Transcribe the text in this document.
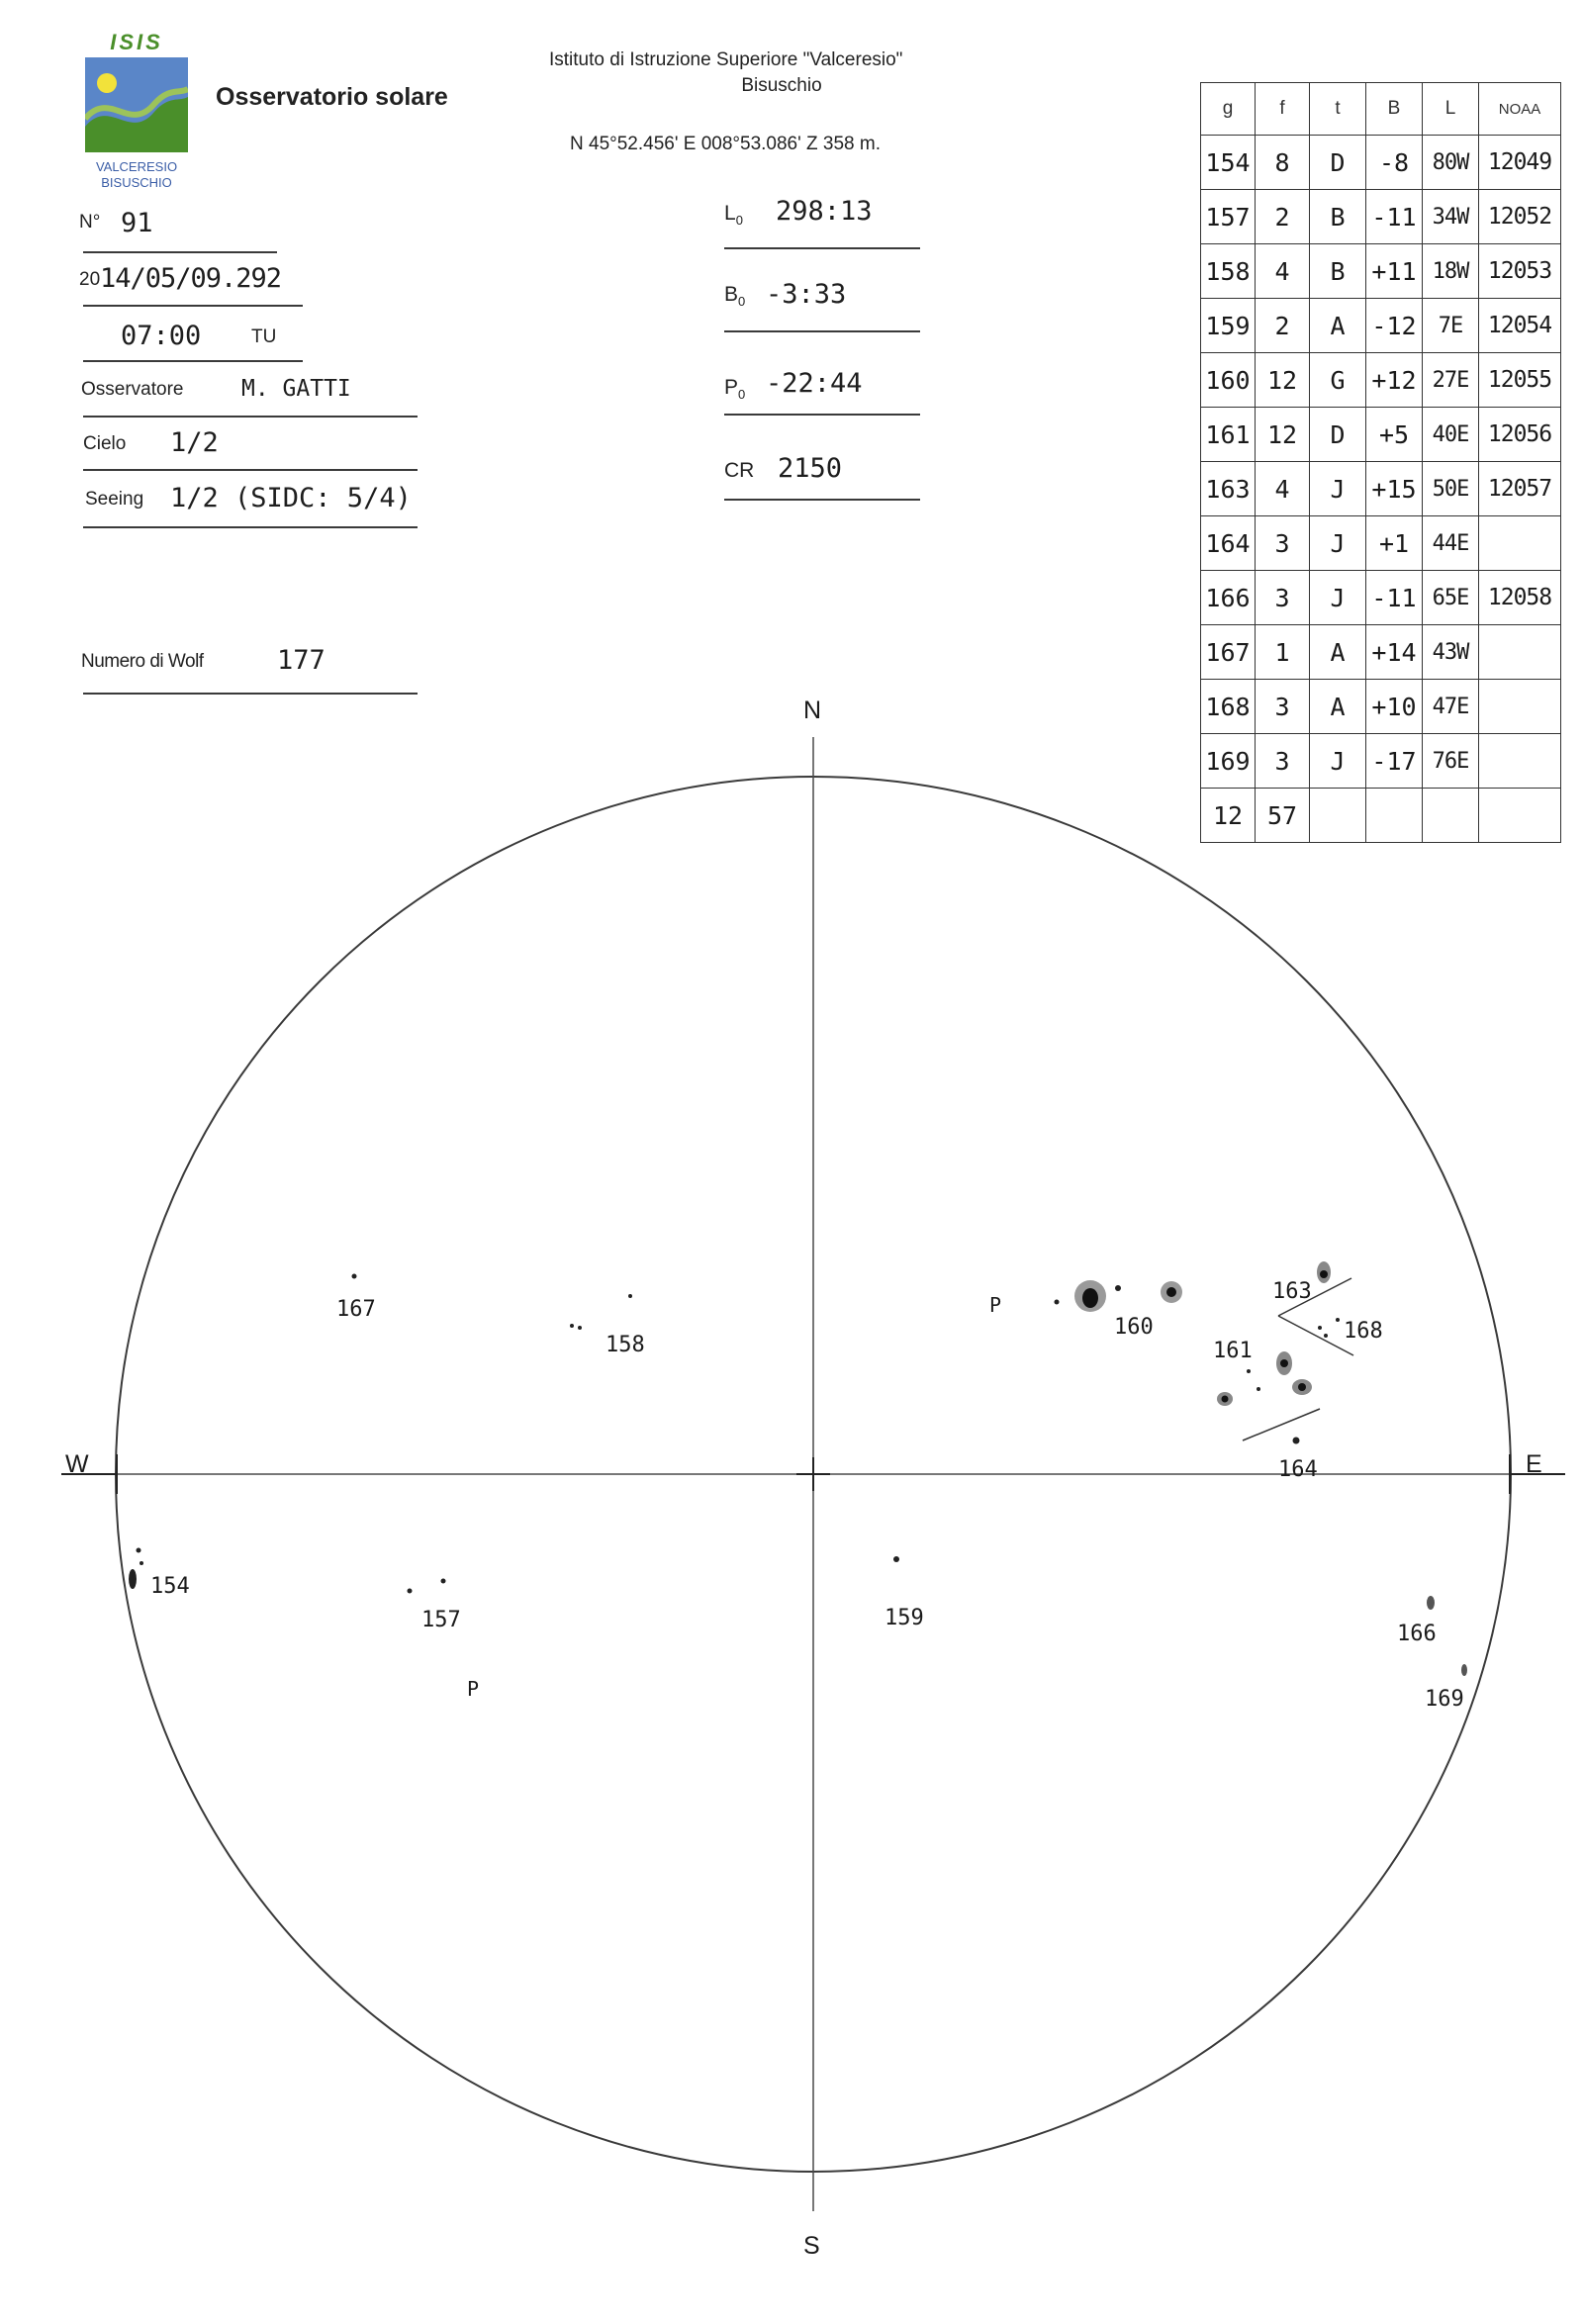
ISIS
VALCERESIO
BISUSCHIO
Osservatorio solare
Istituto di Istruzione Superiore "Valceresio"
Bisuschio
N 45°52.456' E 008°53.086' Z 358 m.
N° 91
20 14/05/09.292
07:00	TU
Osservatore	M. GATTI
Cielo 1/2
Seeing 1/2 (SIDC: 5/4)
Numero di Wolf	177
$L_0$ 298:13
$B_0$ -3:33
$P_0$ -22:44
CR 2150
g	f	t	B	L	NOAA
154	8	D	-8	80W	12049
157	2	B	-11	34W	12052
158	4	B	+11	18W	12053
159	2	A	-12	7E	12054
160	12	G	+12	27E	12055
161	12	D	+5	40E	12056
163	4	J	+15	50E	12057
164	3	J	+1	44E	
166	3	J	-11	65E	12058
167	1	A	+14	43W	
168	3	A	+10	47E	
169	3	J	-17	76E	
12	57				
N
S
E
W
154
157
158
159
160
161
163
164
166
167
168
169
P
P
